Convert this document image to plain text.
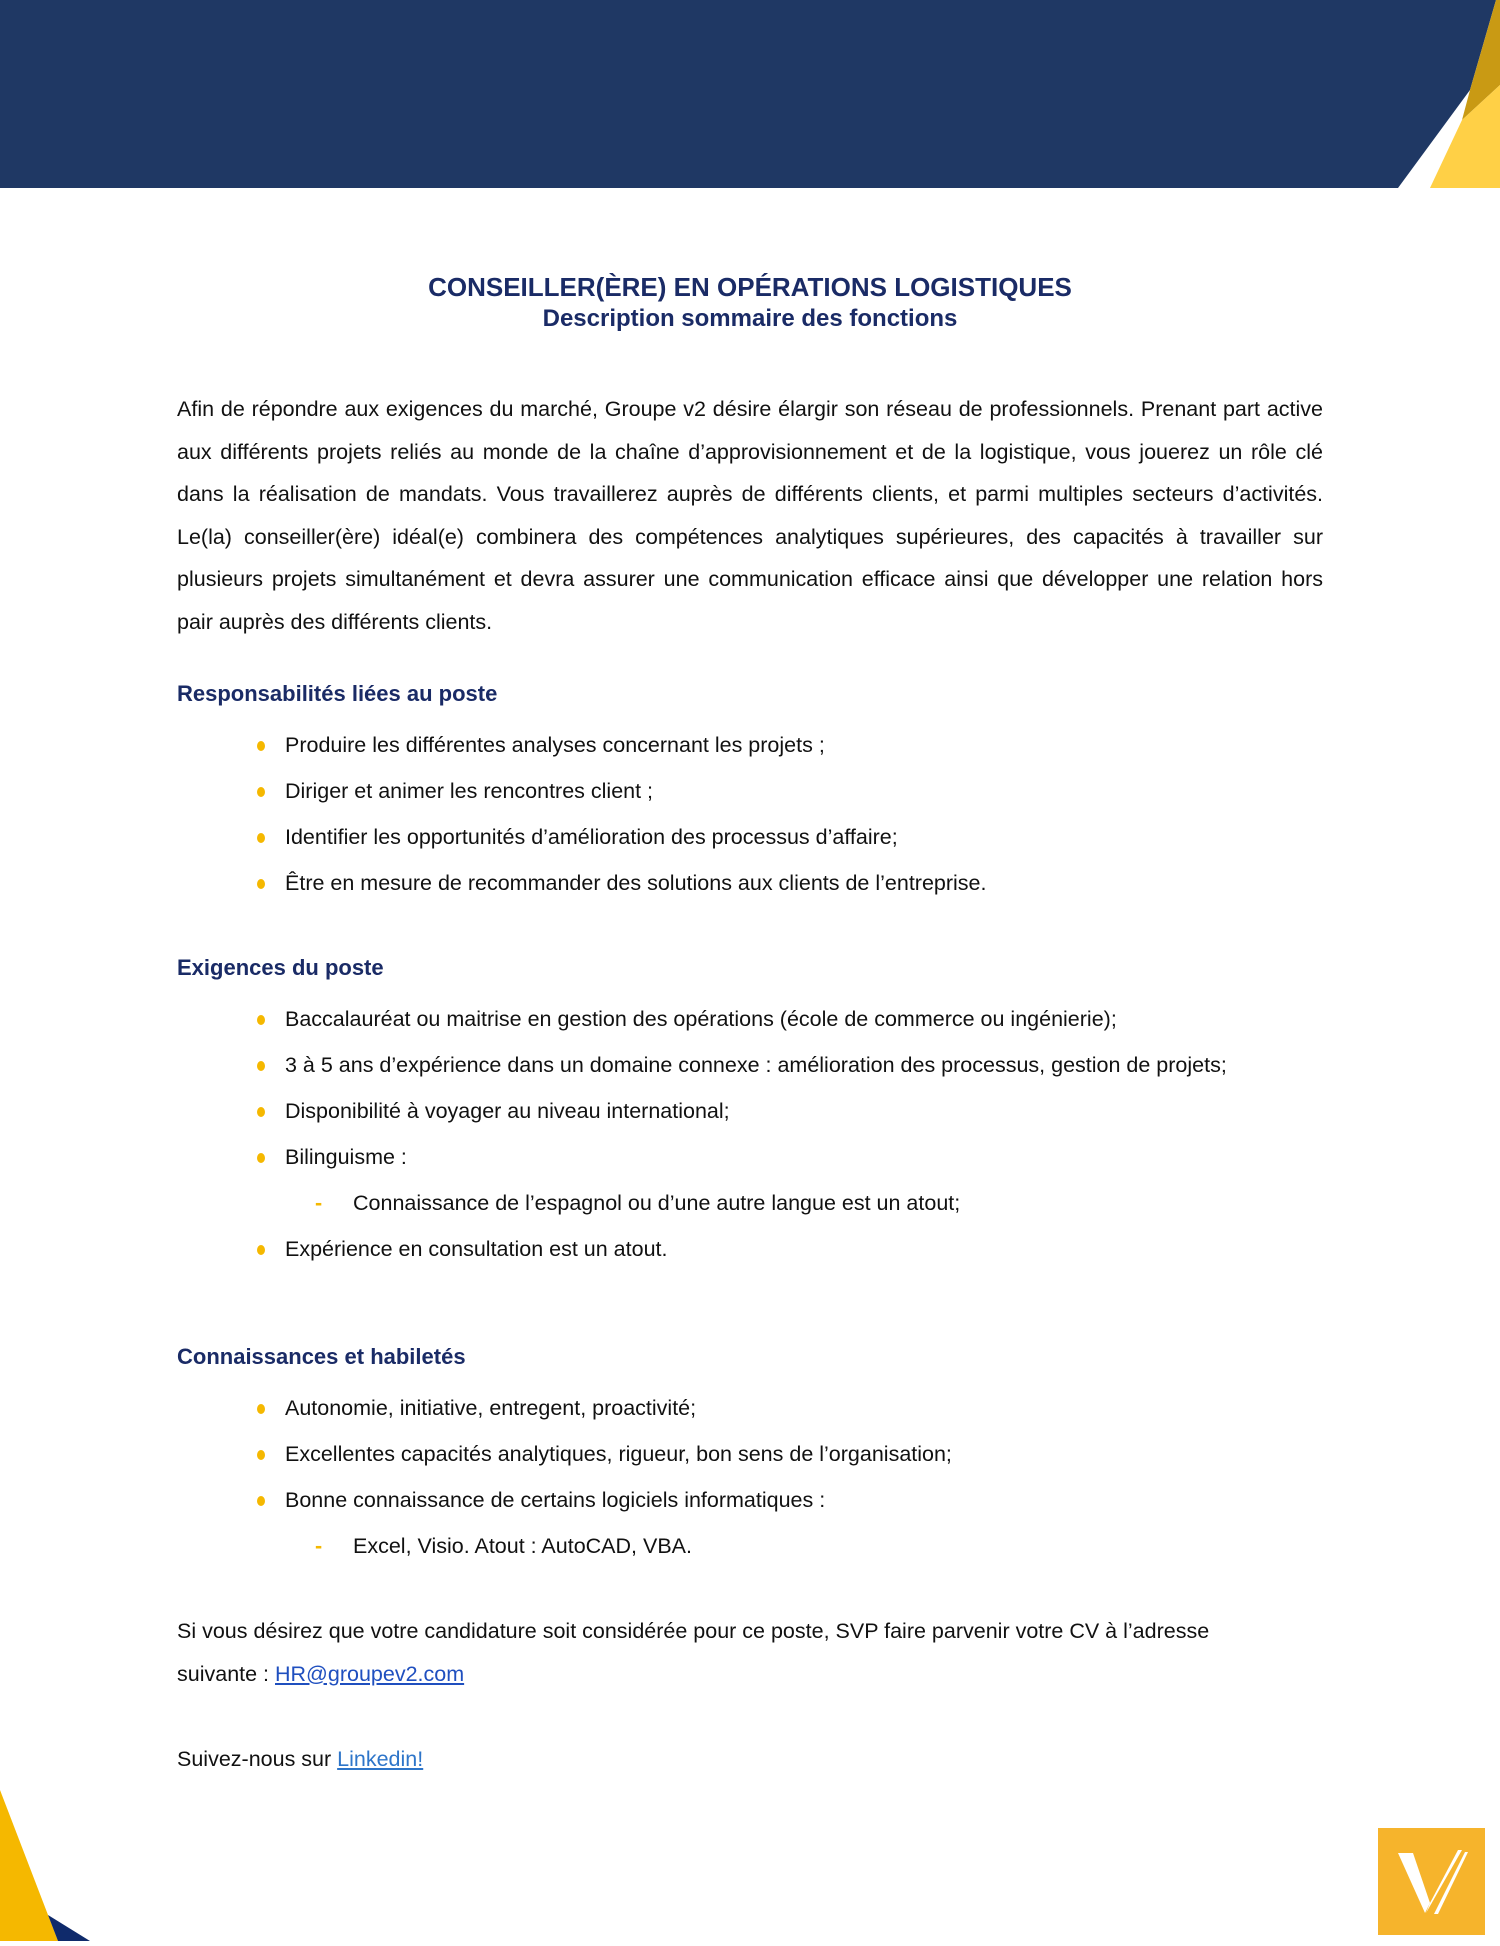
CONSEILLER(ÈRE) EN OPÉRATIONS LOGISTIQUES
Description sommaire des fonctions

Afin de répondre aux exigences du marché, Groupe v2 désire élargir son réseau de professionnels. Prenant part active aux différents projets reliés au monde de la chaîne d’approvisionnement et de la logistique, vous jouerez un rôle clé dans la réalisation de mandats. Vous travaillerez auprès de différents clients, et parmi multiples secteurs d’activités. Le(la) conseiller(ère) idéal(e) combinera des compétences analytiques supérieures, des capacités à travailler sur plusieurs projets simultanément et devra assurer une communication efficace ainsi que développer une relation hors pair auprès des différents clients.

Responsabilités liées au poste
Produire les différentes analyses concernant les projets ;
Diriger et animer les rencontres client ;
Identifier les opportunités d’amélioration des processus d’affaire;
Être en mesure de recommander des solutions aux clients de l’entreprise.
Exigences du poste
Baccalauréat ou maitrise en gestion des opérations (école de commerce ou ingénierie);
3 à 5 ans d’expérience dans un domaine connexe : amélioration des processus, gestion de projets;
Disponibilité à voyager au niveau international;
Bilinguisme :
- Connaissance de l’espagnol ou d’une autre langue est un atout;
Expérience en consultation est un atout.
Connaissances et habiletés
Autonomie, initiative, entregent, proactivité;
Excellentes capacités analytiques, rigueur, bon sens de l’organisation;
Bonne connaissance de certains logiciels informatiques :
- Excel, Visio. Atout : AutoCAD, VBA.

Si vous désirez que votre candidature soit considérée pour ce poste, SVP faire parvenir votre CV à l’adresse suivante : HR@groupev2.com

Suivez-nous sur Linkedin!
